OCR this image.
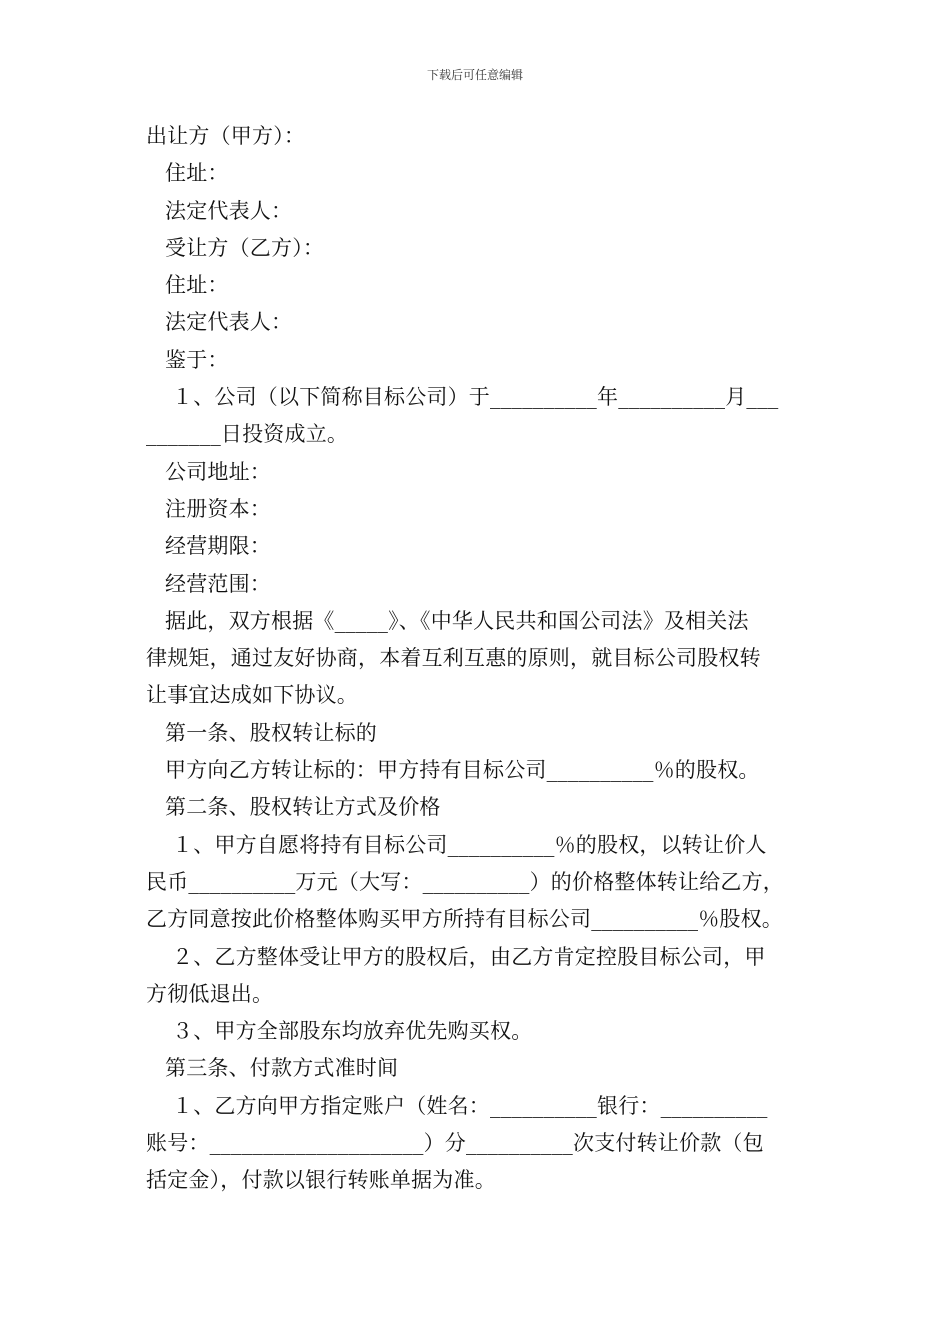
下载后可任意编辑
出让方（甲方）：
住址：
法定代表人：
受让方（乙方）：
住址：
法定代表人：
鉴于：
１、公司（以下简称目标公司）于__________年__________月___
_______日投资成立。
公司地址：
注册资本：
经营期限：
经营范围：
据此，双方根据《_____》、《中华人民共和国公司法》及相关法
律规矩，通过友好协商，本着互利互惠的原则，就目标公司股权转
让事宜达成如下协议。
第一条、股权转让标的
甲方向乙方转让标的：甲方持有目标公司__________％的股权。
第二条、股权转让方式及价格
１、甲方自愿将持有目标公司__________％的股权，以转让价人
民币__________万元（大写：__________）的价格整体转让给乙方，
乙方同意按此价格整体购买甲方所持有目标公司__________％股权。
２、乙方整体受让甲方的股权后，由乙方肯定控股目标公司，甲
方彻低退出。
３、甲方全部股东均放弃优先购买权。
第三条、付款方式准时间
１、乙方向甲方指定账户（姓名：__________银行：__________
账号：____________________）分__________次支付转让价款（包
括定金），付款以银行转账单据为准。
